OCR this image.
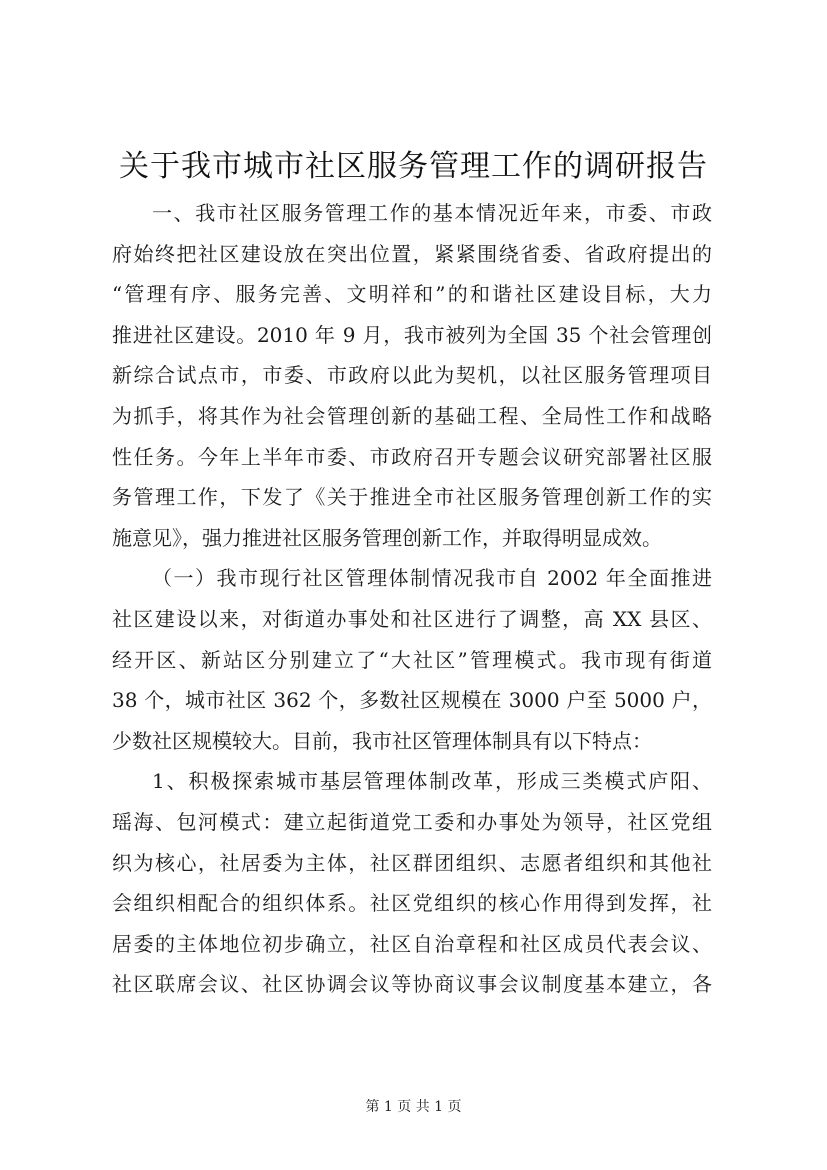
关于我市城市社区服务管理工作的调研报告
一、我市社区服务管理工作的基本情况近年来，市委、市政
府始终把社区建设放在突出位置，紧紧围绕省委、省政府提出的
“管理有序、服务完善、文明祥和”的和谐社区建设目标，大力
推进社区建设。2010 年 9 月，我市被列为全国 35 个社会管理创
新综合试点市，市委、市政府以此为契机，以社区服务管理项目
为抓手，将其作为社会管理创新的基础工程、全局性工作和战略
性任务。今年上半年市委、市政府召开专题会议研究部署社区服
务管理工作，下发了《关于推进全市社区服务管理创新工作的实
施意见》，强力推进社区服务管理创新工作，并取得明显成效。
（一）我市现行社区管理体制情况我市自 2002 年全面推进
社区建设以来，对街道办事处和社区进行了调整，高 XX 县区、
经开区、新站区分别建立了“大社区”管理模式。我市现有街道
38 个，城市社区 362 个，多数社区规模在 3000 户至 5000 户，
少数社区规模较大。目前，我市社区管理体制具有以下特点：
1、积极探索城市基层管理体制改革，形成三类模式庐阳、
瑶海、包河模式：建立起街道党工委和办事处为领导，社区党组
织为核心，社居委为主体，社区群团组织、志愿者组织和其他社
会组织相配合的组织体系。社区党组织的核心作用得到发挥，社
居委的主体地位初步确立，社区自治章程和社区成员代表会议、
社区联席会议、社区协调会议等协商议事会议制度基本建立，各
第 1 页 共 1 页
